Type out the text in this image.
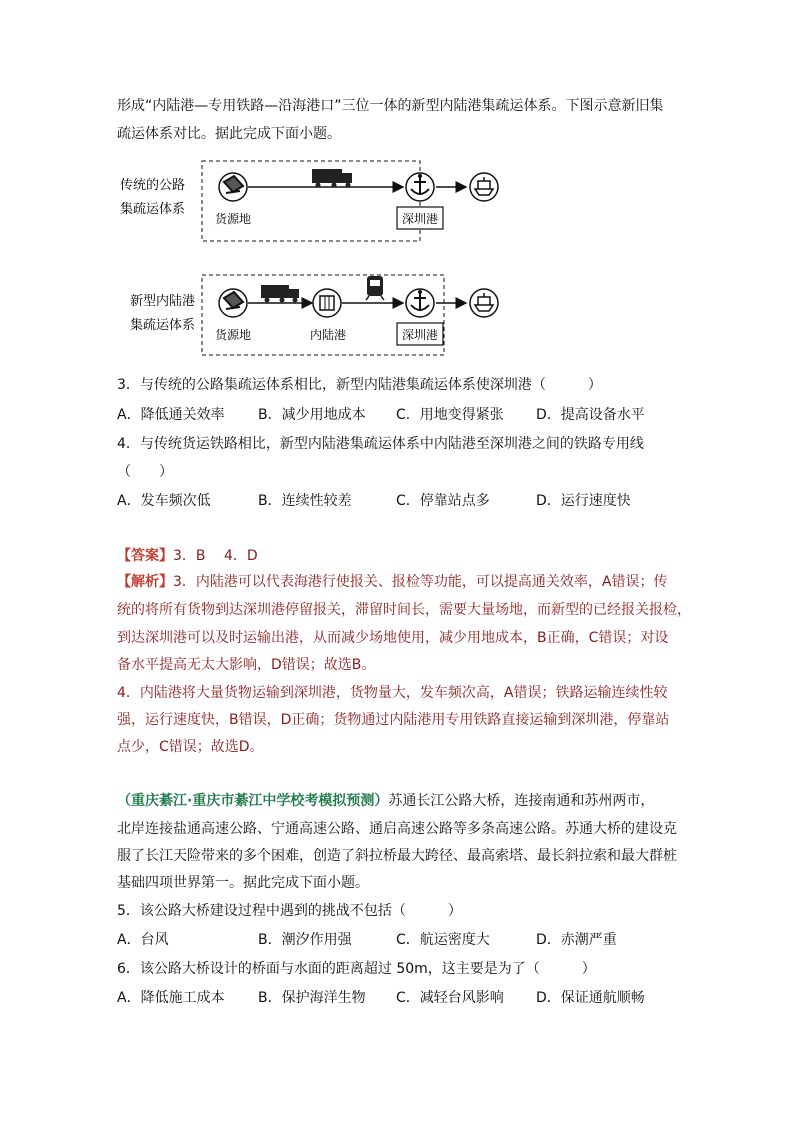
形成“内陆港—专用铁路—沿海港口”三位一体的新型内陆港集疏运体系。下图示意新旧集
疏运体系对比。据此完成下面小题。
传统的公路
集疏运体系
货源地	深圳港
新型内陆港
集疏运体系
货源地	内陆港	深圳港
3．与传统的公路集疏运体系相比，新型内陆港集疏运体系使深圳港（　　　）
A．降低通关效率 B．减少用地成本 C．用地变得紧张 D．提高设备水平
4．与传统货运铁路相比，新型内陆港集疏运体系中内陆港至深圳港之间的铁路专用线
（　　）
A．发车频次低	B．连续性较差	C．停靠站点多	D．运行速度快
【答案】3．B　 4．D
【解析】3．内陆港可以代表海港行使报关、报检等功能，可以提高通关效率，A错误；传
统的将所有货物到达深圳港停留报关，滞留时间长，需要大量场地，而新型的已经报关报检，
到达深圳港可以及时运输出港，从而减少场地使用，减少用地成本，B正确，C错误；对设
备水平提高无太大影响，D错误；故选B。
4．内陆港将大量货物运输到深圳港，货物量大，发车频次高，A错误；铁路运输连续性较
强，运行速度快，B错误，D正确；货物通过内陆港用专用铁路直接运输到深圳港，停靠站
点少，C错误；故选D。
（重庆綦江·重庆市綦江中学校考模拟预测）苏通长江公路大桥，连接南通和苏州两市，
北岸连接盐通高速公路、宁通高速公路、通启高速公路等多条高速公路。苏通大桥的建设克
服了长江天险带来的多个困难，创造了斜拉桥最大跨径、最高索塔、最长斜拉索和最大群桩
基础四项世界第一。据此完成下面小题。
5．该公路大桥建设过程中遇到的挑战不包括（　　　）
A．台风	B．潮汐作用强	C．航运密度大	D．赤潮严重
6．该公路大桥设计的桥面与水面的距离超过 50m，这主要是为了（　　　）
A．降低施工成本 B．保护海洋生物 C．减轻台风影响 D．保证通航顺畅
